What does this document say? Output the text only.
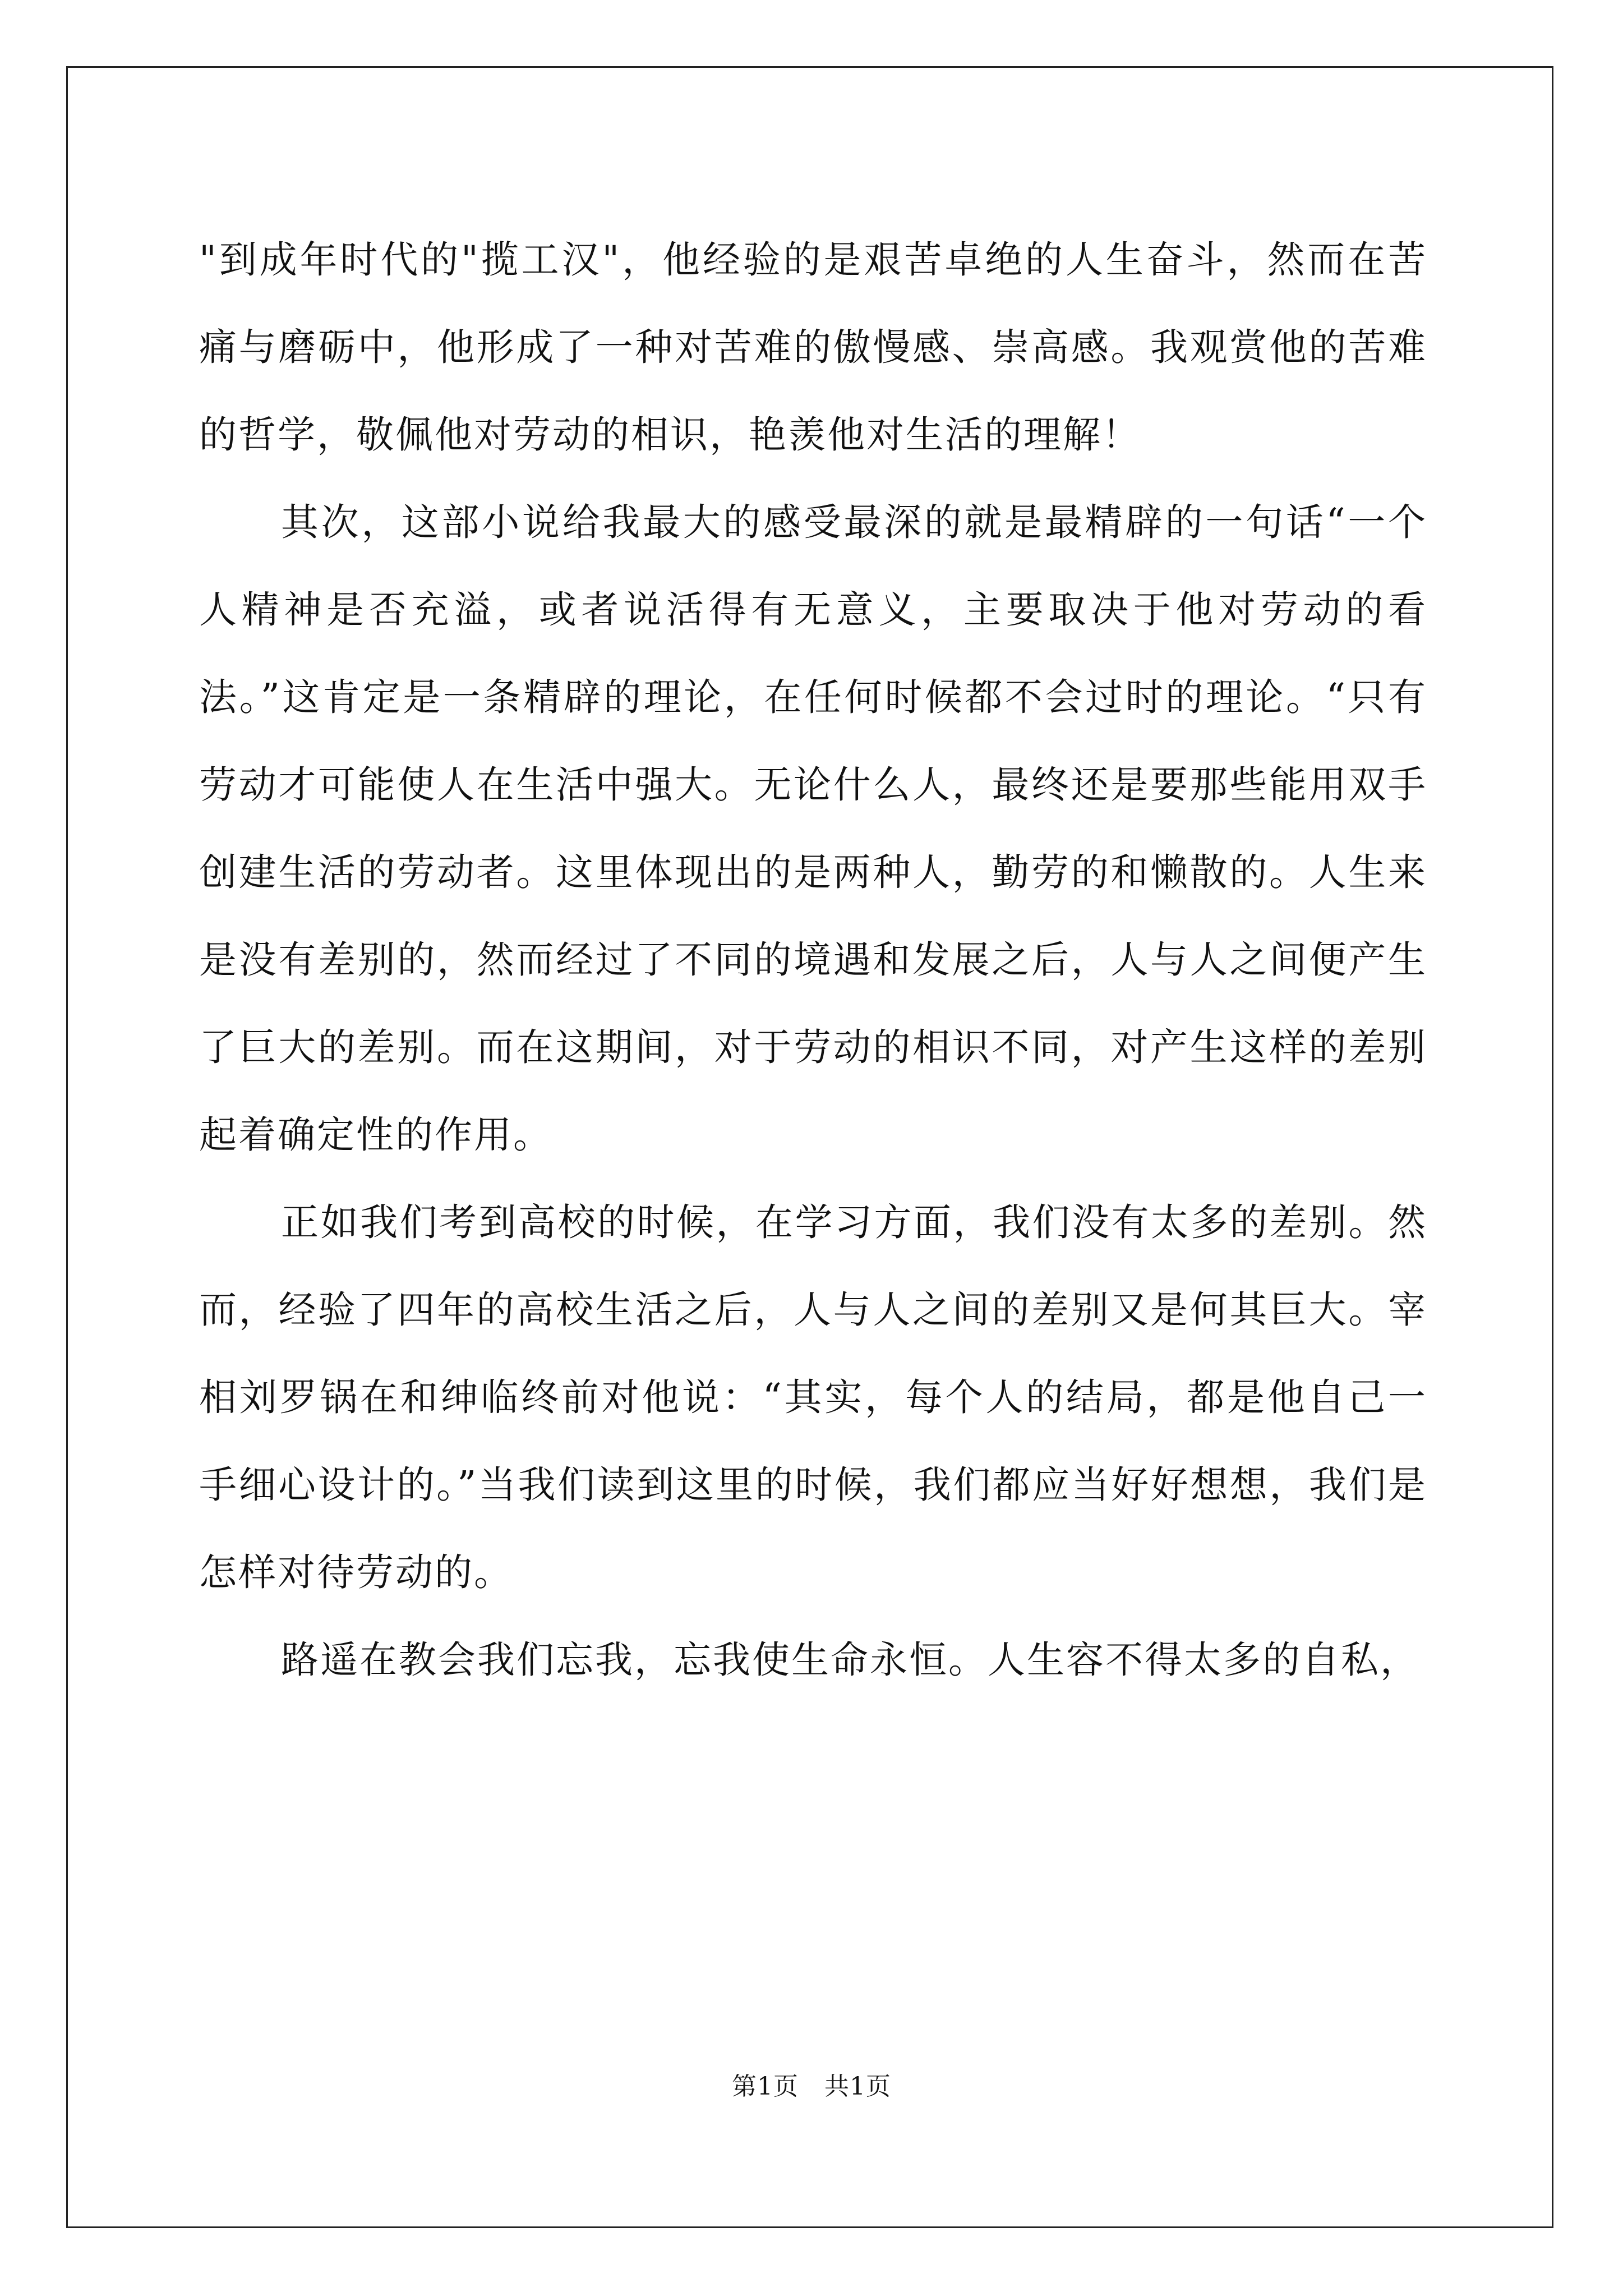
"到成年时代的"揽工汉"，他经验的是艰苦卓绝的人生奋斗，然而在苦痛与磨砺中，他形成了一种对苦难的傲慢感、崇高感。我观赏他的苦难的哲学，敬佩他对劳动的相识，艳羡他对生活的理解！

其次，这部小说给我最大的感受最深的就是最精辟的一句话“一个人精神是否充溢，或者说活得有无意义，主要取决于他对劳动的看法。”这肯定是一条精辟的理论，在任何时候都不会过时的理论。“只有劳动才可能使人在生活中强大。无论什么人，最终还是要那些能用双手创建生活的劳动者。这里体现出的是两种人，勤劳的和懒散的。人生来是没有差别的，然而经过了不同的境遇和发展之后，人与人之间便产生了巨大的差别。而在这期间，对于劳动的相识不同，对产生这样的差别起着确定性的作用。

正如我们考到高校的时候，在学习方面，我们没有太多的差别。然而，经验了四年的高校生活之后，人与人之间的差别又是何其巨大。宰相刘罗锅在和绅临终前对他说：“其实，每个人的结局，都是他自己一手细心设计的。”当我们读到这里的时候，我们都应当好好想想，我们是怎样对待劳动的。

路遥在教会我们忘我，忘我使生命永恒。人生容不得太多的自私，

第1页 共1页
